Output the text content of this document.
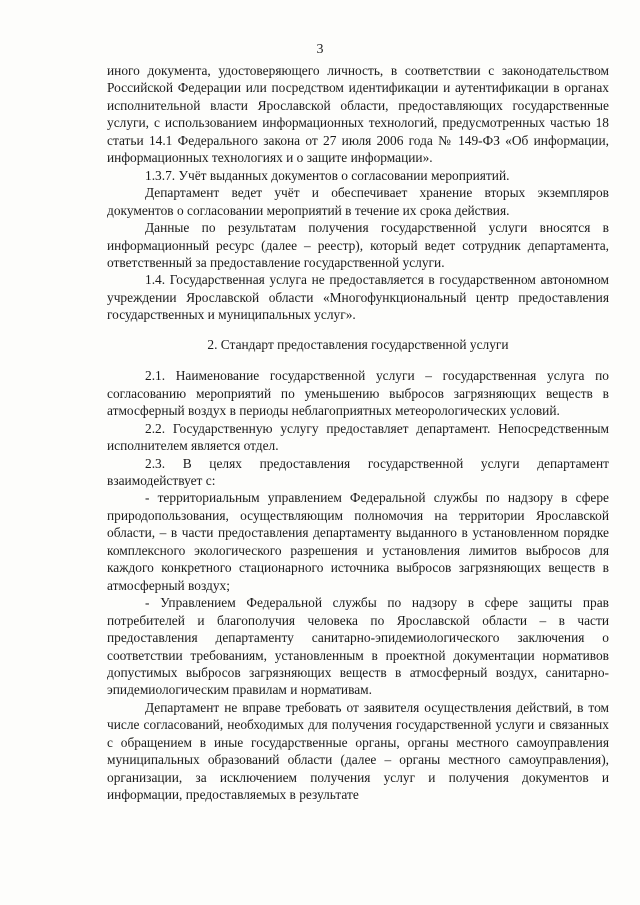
3

иного документа, удостоверяющего личность, в соответствии с законодательством Российской Федерации или посредством идентификации и аутентификации в органах исполнительной власти Ярославской области, предоставляющих государственные услуги, с использованием информационных технологий, предусмотренных частью 18 статьи 14.1 Федерального закона от 27 июля 2006 года № 149-ФЗ «Об информации, информационных технологиях и о защите информации».

1.3.7. Учёт выданных документов о согласовании мероприятий.

Департамент ведет учёт и обеспечивает хранение вторых экземпляров документов о согласовании мероприятий в течение их срока действия.

Данные по результатам получения государственной услуги вносятся в информационный ресурс (далее – реестр), который ведет сотрудник департамента, ответственный за предоставление государственной услуги.

1.4. Государственная услуга не предоставляется в государственном автономном учреждении Ярославской области «Многофункциональный центр предоставления государственных и муниципальных услуг».

2. Стандарт предоставления государственной услуги

2.1. Наименование государственной услуги – государственная услуга по согласованию мероприятий по уменьшению выбросов загрязняющих веществ в атмосферный воздух в периоды неблагоприятных метеорологических условий.

2.2. Государственную услугу предоставляет департамент. Непосредственным исполнителем является отдел.

2.3. В целях предоставления государственной услуги департамент взаимодействует с:

- территориальным управлением Федеральной службы по надзору в сфере природопользования, осуществляющим полномочия на территории Ярославской области, – в части предоставления департаменту выданного в установленном порядке комплексного экологического разрешения и установления лимитов выбросов для каждого конкретного стационарного источника выбросов загрязняющих веществ в атмосферный воздух;

- Управлением Федеральной службы по надзору в сфере защиты прав потребителей и благополучия человека по Ярославской области – в части предоставления департаменту санитарно-эпидемиологического заключения о соответствии требованиям, установленным в проектной документации нормативов допустимых выбросов загрязняющих веществ в атмосферный воздух, санитарно-эпидемиологическим правилам и нормативам.

Департамент не вправе требовать от заявителя осуществления действий, в том числе согласований, необходимых для получения государственной услуги и связанных с обращением в иные государственные органы, органы местного самоуправления муниципальных образований области (далее – органы местного самоуправления), организации, за исключением получения услуг и получения документов и информации, предоставляемых в результате
